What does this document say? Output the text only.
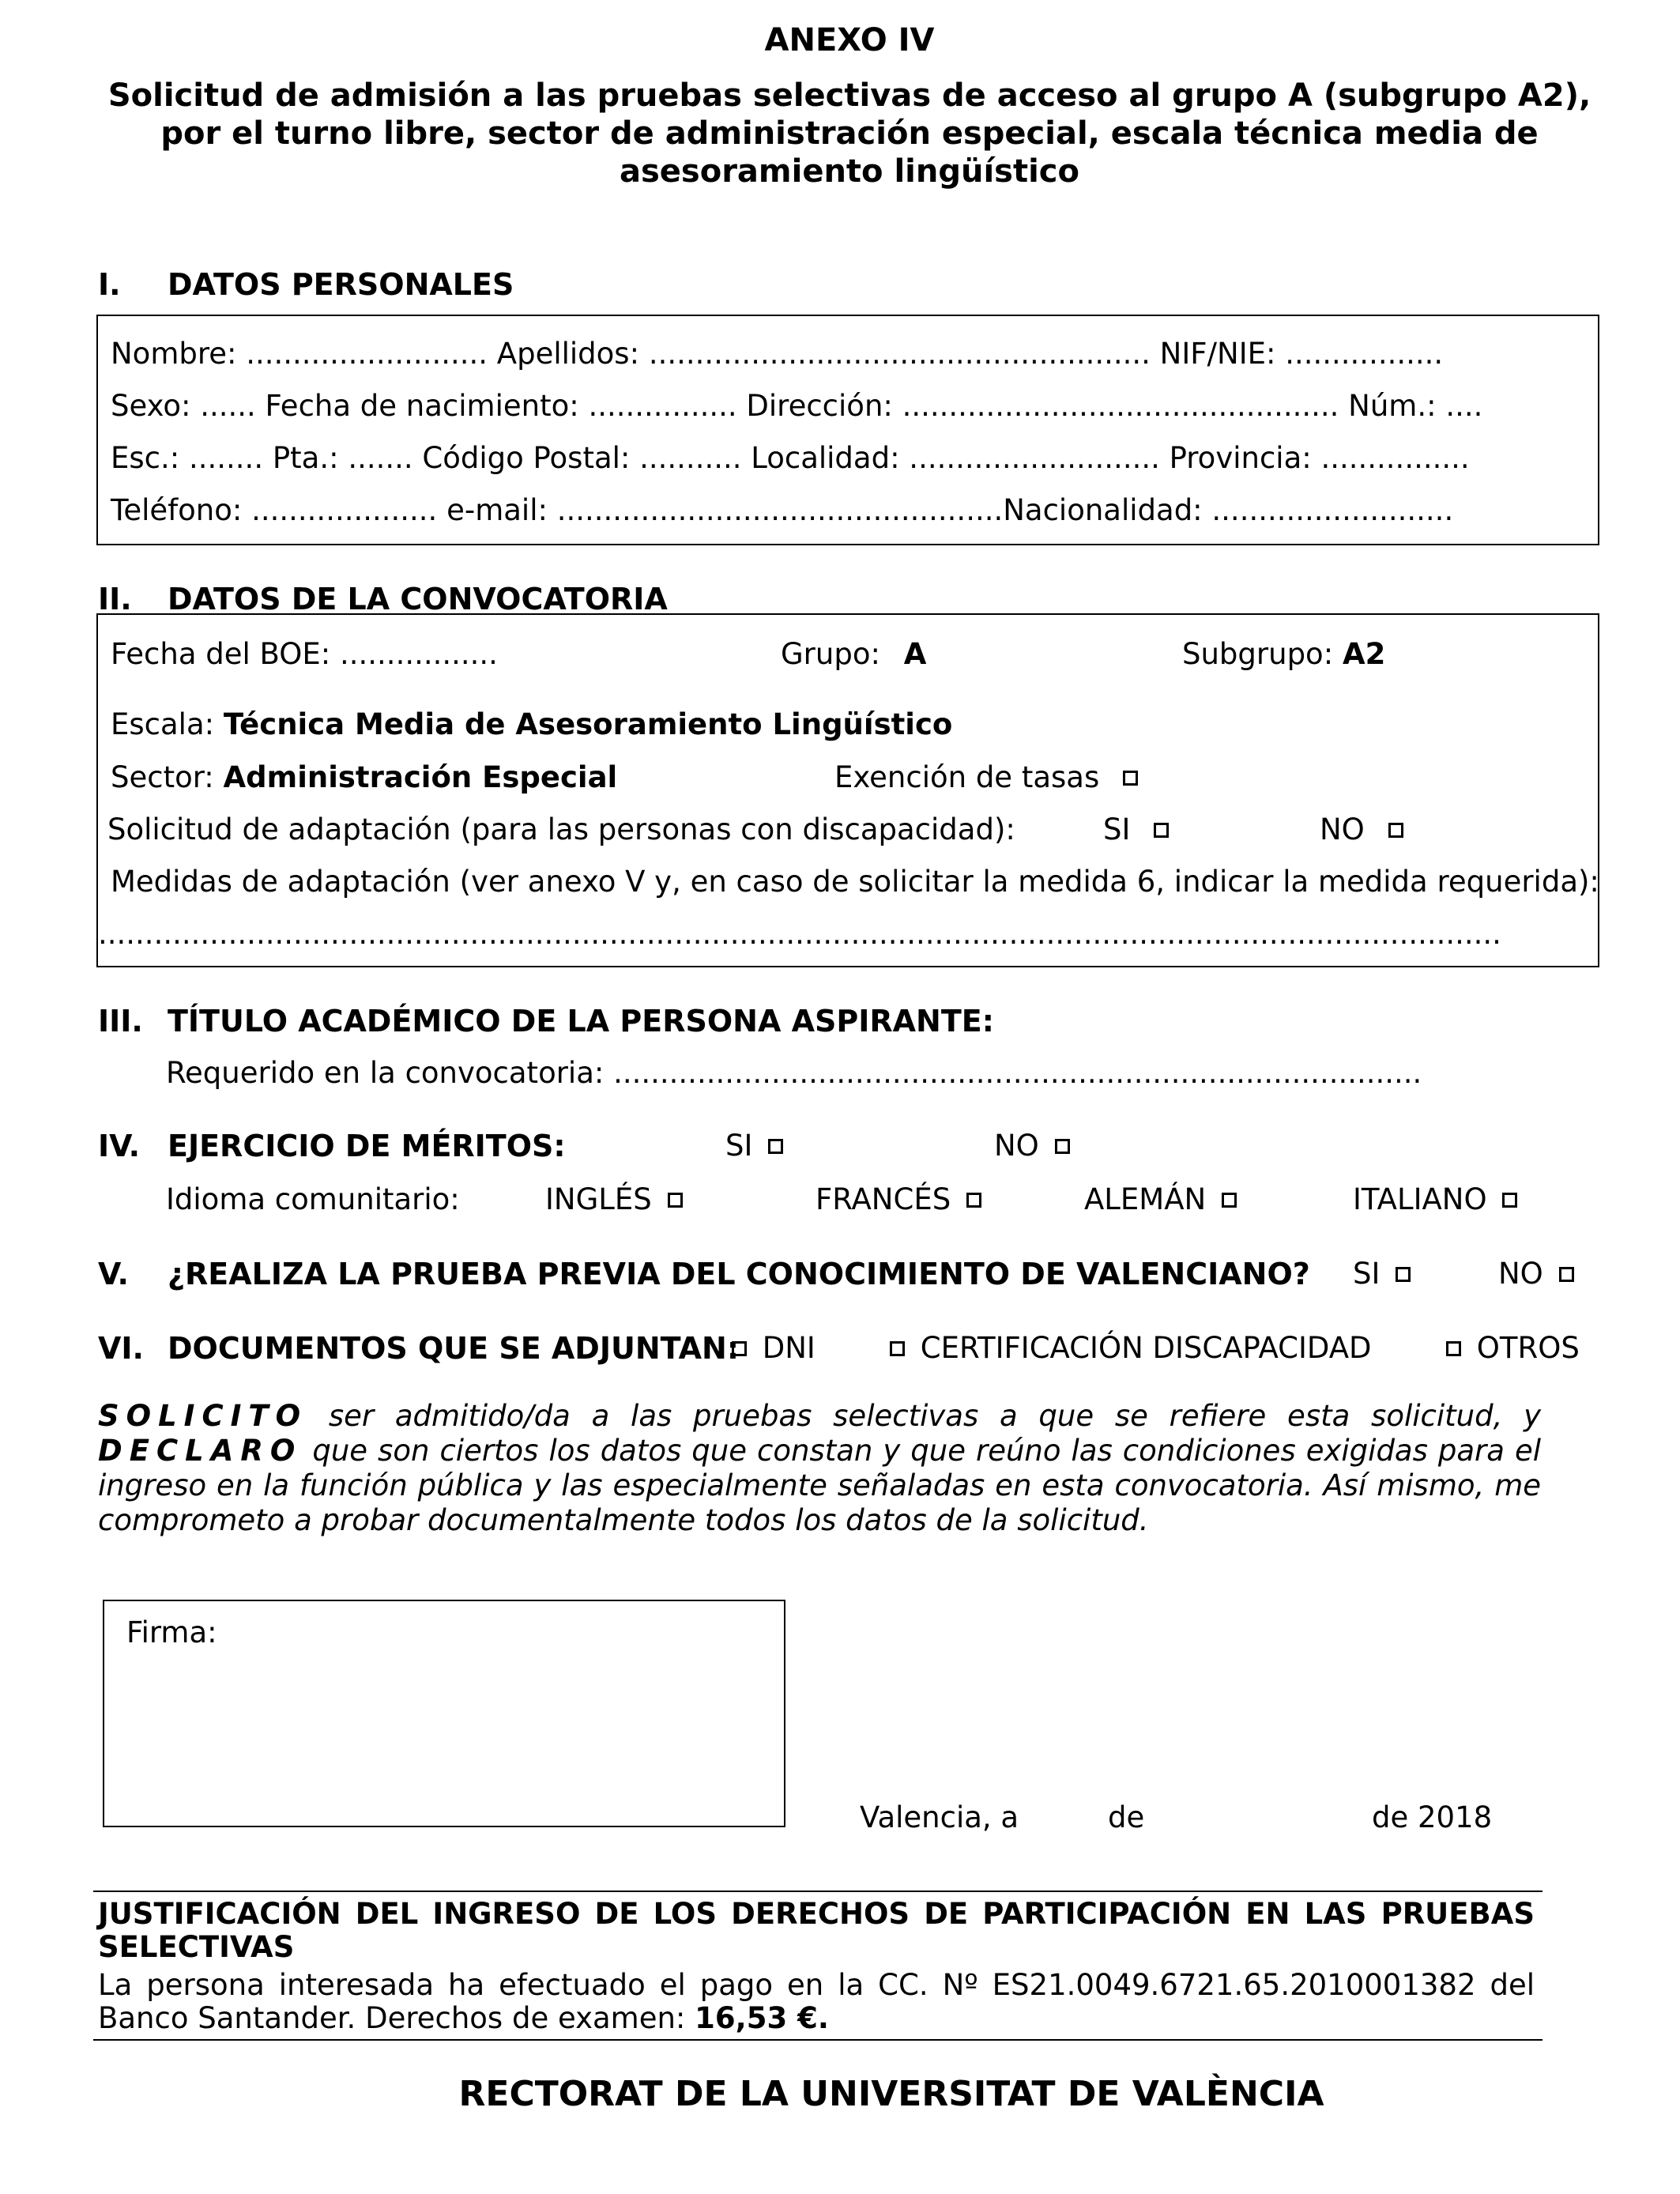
ANEXO IV
Solicitud de admisión a las pruebas selectivas de acceso al grupo A (subgrupo A2),
por el turno libre, sector de administración especial, escala técnica media de
asesoramiento lingüístico
I. DATOS PERSONALES
Nombre: .......................... Apellidos: ...................................................... NIF/NIE: .................
Sexo: ...... Fecha de nacimiento: ................ Dirección: ............................................... Núm.: ....
Esc.: ........ Pta.: ....... Código Postal: ........... Localidad: ........................... Provincia: ................
Teléfono: .................... e-mail: ................................................Nacionalidad: ..........................
II. DATOS DE LA CONVOCATORIA
Fecha del BOE: .................	Grupo: A	Subgrupo: A2
Escala: Técnica Media de Asesoramiento Lingüístico
Sector: Administración Especial	Exención de tasas
Solicitud de adaptación (para las personas con discapacidad):	SI	NO
Medidas de adaptación (ver anexo V y, en caso de solicitar la medida 6, indicar la medida requerida):
.......................................................................................................................................................
III. TÍTULO ACADÉMICO DE LA PERSONA ASPIRANTE:
Requerido en la convocatoria: .......................................................................................
IV. EJERCICIO DE MÉRITOS:	SI	NO
Idioma comunitario:	INGLÉS	FRANCÉS	ALEMÁN	ITALIANO
V. ¿REALIZA LA PRUEBA PREVIA DEL CONOCIMIENTO DE VALENCIANO? SI	NO
VI. DOCUMENTOS QUE SE ADJUNTAN: DNI	CERTIFICACIÓN DISCAPACIDAD	OTROS
SOLICITO ser admitido/da a las pruebas selectivas a que se refiere esta solicitud, y
DECLARO que son ciertos los datos que constan y que reúno las condiciones exigidas para el
ingreso en la función pública y las especialmente señaladas en esta convocatoria. Así mismo, me
comprometo a probar documentalmente todos los datos de la solicitud.
Firma:
Valencia, a	de	de 2018
JUSTIFICACIÓN DEL INGRESO DE LOS DERECHOS DE PARTICIPACIÓN EN LAS PRUEBAS
SELECTIVAS
La persona interesada ha efectuado el pago en la CC. Nº ES21.0049.6721.65.2010001382 del
Banco Santander. Derechos de examen: 16,53 €.
RECTORAT DE LA UNIVERSITAT DE VALÈNCIA
